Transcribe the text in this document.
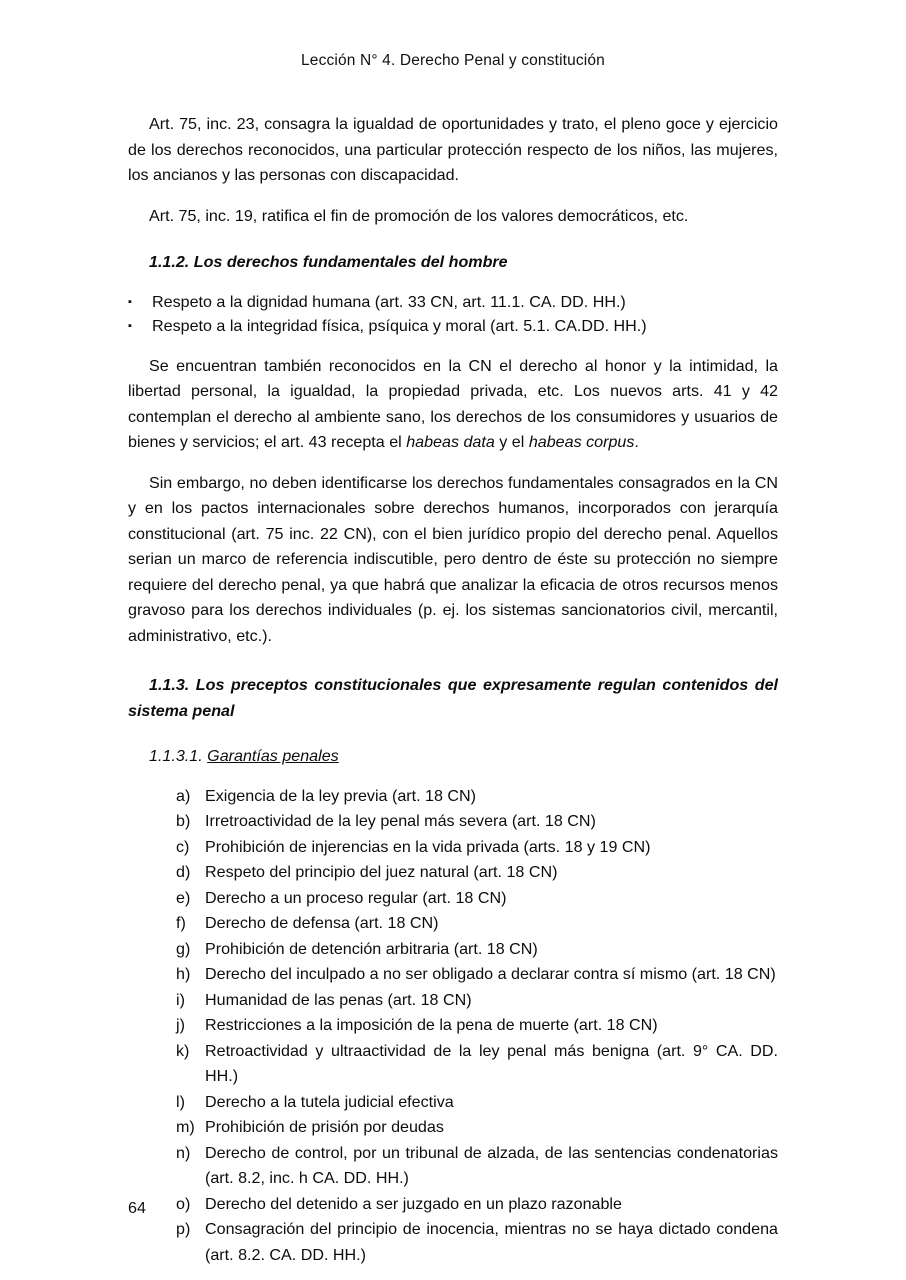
Lección N° 4. Derecho Penal y constitución

Art. 75, inc. 23, consagra la igualdad de oportunidades y trato, el pleno goce y ejercicio de los derechos reconocidos, una particular protección respecto de los niños, las mujeres, los ancianos y las personas con discapacidad.

Art. 75, inc. 19, ratifica el fin de promoción de los valores democráticos, etc.

1.1.2. Los derechos fundamentales del hombre
▪ Respeto a la dignidad humana (art. 33 CN, art. 11.1. CA. DD. HH.)
▪ Respeto a la integridad física, psíquica y moral (art. 5.1. CA.DD. HH.)

Se encuentran también reconocidos en la CN el derecho al honor y la intimidad, la libertad personal, la igualdad, la propiedad privada, etc. Los nuevos arts. 41 y 42 contemplan el derecho al ambiente sano, los derechos de los consumidores y usuarios de bienes y servicios; el art. 43 recepta el habeas data y el habeas corpus.

Sin embargo, no deben identificarse los derechos fundamentales consagrados en la CN y en los pactos internacionales sobre derechos humanos, incorporados con jerarquía constitucional (art. 75 inc. 22 CN), con el bien jurídico propio del derecho penal. Aquellos serian un marco de referencia indiscutible, pero dentro de éste su protección no siempre requiere del derecho penal, ya que habrá que analizar la eficacia de otros recursos menos gravoso para los derechos individuales (p. ej. los sistemas sancionatorios civil, mercantil, administrativo, etc.).

1.1.3. Los preceptos constitucionales que expresamente regulan contenidos del sistema penal
1.1.3.1. Garantías penales
a) Exigencia de la ley previa (art. 18 CN)
b) Irretroactividad de la ley penal más severa (art. 18 CN)
c) Prohibición de injerencias en la vida privada (arts. 18 y 19 CN)
d) Respeto del principio del juez natural (art. 18 CN)
e) Derecho a un proceso regular (art. 18 CN)
f)	Derecho de defensa (art. 18 CN)
g) Prohibición de detención arbitraria (art. 18 CN)
h) Derecho del inculpado a no ser obligado a declarar contra sí mismo (art. 18 CN)
i)	Humanidad de las penas (art. 18 CN)
j)	Restricciones a la imposición de la pena de muerte (art. 18 CN)
k) Retroactividad y ultraactividad de la ley penal más benigna (art. 9° CA. DD. HH.)
l)	Derecho a la tutela judicial efectiva
m) Prohibición de prisión por deudas
n) Derecho de control, por un tribunal de alzada, de las sentencias condenatorias (art. 8.2, inc. h CA. DD. HH.)
o) Derecho del detenido a ser juzgado en un plazo razonable
p) Consagración del principio de inocencia, mientras no se haya dictado condena (art. 8.2. CA. DD. HH.)
64
